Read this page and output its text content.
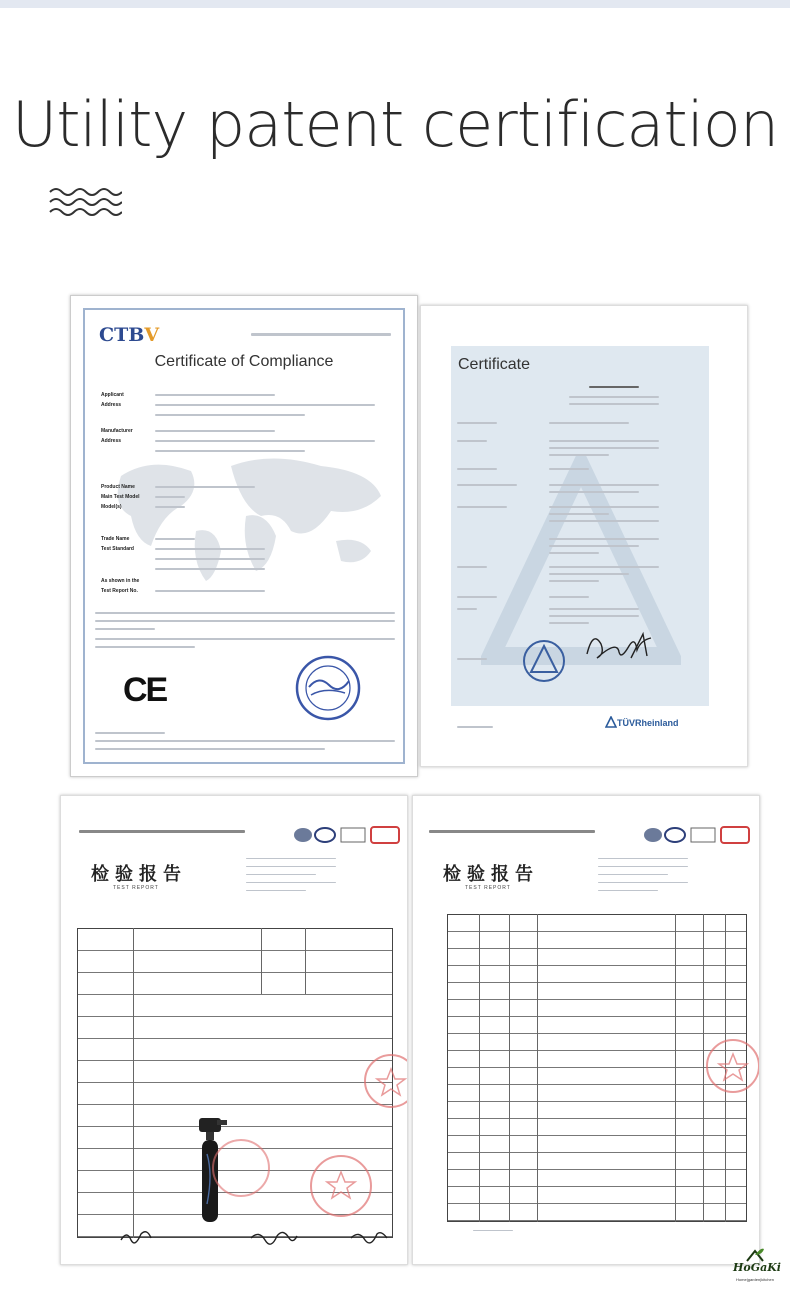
Utility patent certification
CTBV
Certificate of Compliance
Applicant
Address
Manufacturer
Address
Product Name
Main Test Model
Model(s)
Trade Name
Test Standard
As shown in the
Test Report No.
CE
Certificate
TÜVRheinland
检验报告
TEST REPORT
检验报告
TEST REPORT
HoGaKi
Home|garden|kitchen
